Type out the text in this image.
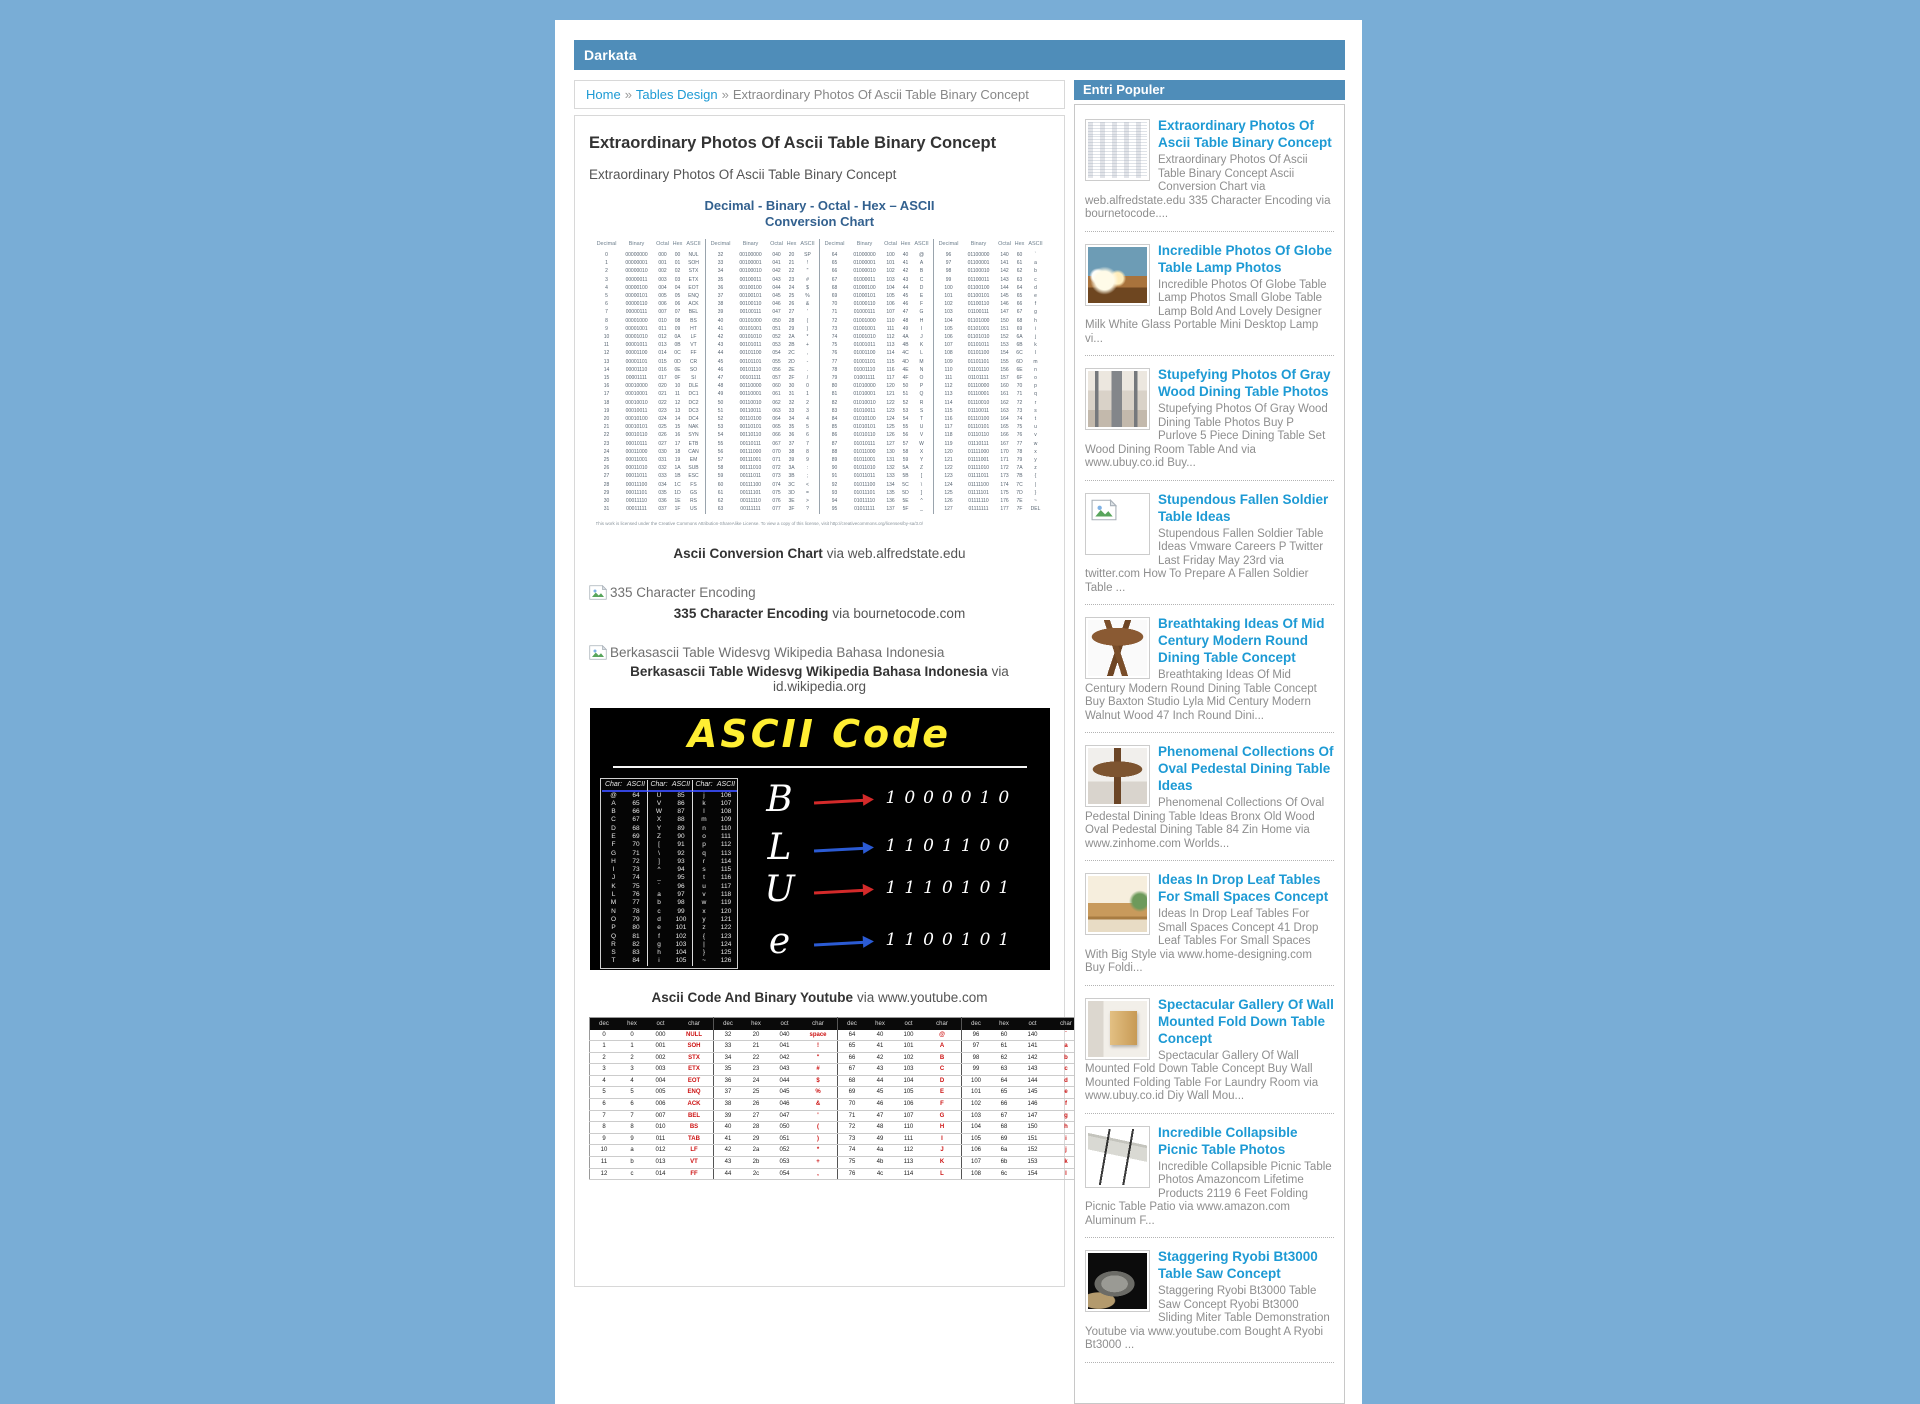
Darkata
Home » Tables Design » Extraordinary Photos Of Ascii Table Binary Concept
Extraordinary Photos Of Ascii Table Binary Concept

Extraordinary Photos Of Ascii Table Binary Concept

Decimal - Binary - Octal - Hex – ASCII
Conversion Chart
Decimal	Binary	Octal Hex ASCII
0	00000000	000	00	NUL
1	00000001	001	01	SOH
2	00000010	002	02	STX
3	00000011	003	03	ETX
4	00000100	004	04	EOT
5	00000101	005	05	ENQ
6	00000110	006	06	ACK
7	00000111	007	07	BEL
8	00001000	010	08	BS
9	00001001	011	09	HT
10	00001010	012	0A	LF
11	00001011	013	0B	VT
12	00001100	014	0C	FF
13	00001101	015	0D	CR
14	00001110	016	0E	SO
15	00001111	017	0F	SI
16	00010000	020	10	DLE
17	00010001	021	11	DC1
18	00010010	022	12	DC2
19	00010011	023	13	DC3
20	00010100	024	14	DC4
21	00010101	025	15	NAK
22	00010110	026	16	SYN
23	00010111	027	17	ETB
24	00011000	030	18	CAN
25	00011001	031	19	EM
26	00011010	032	1A	SUB
27	00011011	033	1B	ESC
28	00011100	034	1C	FS
29	00011101	035	1D	GS
30	00011110	036	1E	RS
31	00011111	037	1F	US
Decimal	Binary	Octal Hex ASCII
32	00100000	040	20	SP
33	00100001	041	21	!
34	00100010	042	22	"
35	00100011	043	23	#
36	00100100	044	24	$
37	00100101	045	25	%
38	00100110	046	26	&
39	00100111	047	27	'
40	00101000	050	28	(
41	00101001	051	29	)
42	00101010	052	2A	*
43	00101011	053	2B	+
44	00101100	054	2C	,
45	00101101	055	2D	-
46	00101110	056	2E	.
47	00101111	057	2F	/
48	00110000	060	30	0
49	00110001	061	31	1
50	00110010	062	32	2
51	00110011	063	33	3
52	00110100	064	34	4
53	00110101	065	35	5
54	00110110	066	36	6
55	00110111	067	37	7
56	00111000	070	38	8
57	00111001	071	39	9
58	00111010	072	3A	:
59	00111011	073	3B	;
60	00111100	074	3C	<
61	00111101	075	3D	=
62	00111110	076	3E	>
63	00111111	077	3F	?
Decimal	Binary	Octal Hex ASCII
64	01000000	100	40	@
65	01000001	101	41	A
66	01000010	102	42	B
67	01000011	103	43	C
68	01000100	104	44	D
69	01000101	105	45	E
70	01000110	106	46	F
71	01000111	107	47	G
72	01001000	110	48	H
73	01001001	111	49	I
74	01001010	112	4A	J
75	01001011	113	4B	K
76	01001100	114	4C	L
77	01001101	115	4D	M
78	01001110	116	4E	N
79	01001111	117	4F	O
80	01010000	120	50	P
81	01010001	121	51	Q
82	01010010	122	52	R
83	01010011	123	53	S
84	01010100	124	54	T
85	01010101	125	55	U
86	01010110	126	56	V
87	01010111	127	57	W
88	01011000	130	58	X
89	01011001	131	59	Y
90	01011010	132	5A	Z
91	01011011	133	5B	[
92	01011100	134	5C	\
93	01011101	135	5D	]
94	01011110	136	5E	^
95	01011111	137	5F	_
Decimal	Binary	Octal Hex ASCII
96	01100000	140	60	`
97	01100001	141	61	a
98	01100010	142	62	b
99	01100011	143	63	c
100	01100100	144	64	d
101	01100101	145	65	e
102	01100110	146	66	f
103	01100111	147	67	g
104	01101000	150	68	h
105	01101001	151	69	i
106	01101010	152	6A	j
107	01101011	153	6B	k
108	01101100	154	6C	l
109	01101101	155	6D	m
110	01101110	156	6E	n
111	01101111	157	6F	o
112	01110000	160	70	p
113	01110001	161	71	q
114	01110010	162	72	r
115	01110011	163	73	s
116	01110100	164	74	t
117	01110101	165	75	u
118	01110110	166	76	v
119	01110111	167	77	w
120	01111000	170	78	x
121	01111001	171	79	y
122	01111010	172	7A	z
123	01111011	173	7B	{
124	01111100	174	7C	|
125	01111101	175	7D	}
126	01111110	176	7E	~
127	01111111	177	7F	DEL
This work is licensed under the Creative Commons Attribution-ShareAlike License. To view a copy of this license, visit http://creativecommons.org/licenses/by-sa/3.0/
Ascii Conversion Chart via web.alfredstate.edu
335 Character Encoding
335 Character Encoding via bournetocode.com
Berkasascii Table Widesvg Wikipedia Bahasa Indonesia
Berkasascii Table Widesvg Wikipedia Bahasa Indonesia via id.wikipedia.org
ASCII Code
Char: ASCII Char: ASCII Char: ASCII
@	64	U	85	j	106
A	65	V	86	k	107
B	66	W	87	l	108
C	67	X	88	m	109
D	68	Y	89	n	110
E	69	Z	90	o	111
F	70	[	91	p	112
G	71	\	92	q	113
H	72	]	93	r	114
I	73	^	94	s	115
J	74	_	95	t	116
K	75	`	96	u	117
L	76	a	97	v	118
M	77	b	98	w	119
N	78	c	99	x	120
O	79	d	100	y	121
P	80	e	101	z	122
Q	81	f	102	{	123
R	82	g	103	|	124
S	83	h	104	}	125
T	84	i	105	~	126
B	1000010
L	1101100
U	1110101
e	1100101
Ascii Code And Binary Youtube via www.youtube.com
dec	hex	oct	char	dec	hex	oct	char	dec	hex	oct	char	dec	hex	oct	char
0	0	000	NULL	32	20	040	space	64	40	100	@	96	60	140	`
1	1	001	SOH	33	21	041	!	65	41	101	A	97	61	141	a
2	2	002	STX	34	22	042	"	66	42	102	B	98	62	142	b
3	3	003	ETX	35	23	043	#	67	43	103	C	99	63	143	c
4	4	004	EOT	36	24	044	$	68	44	104	D	100	64	144	d
5	5	005	ENQ	37	25	045	%	69	45	105	E	101	65	145	e
6	6	006	ACK	38	26	046	&	70	46	106	F	102	66	146	f
7	7	007	BEL	39	27	047	'	71	47	107	G	103	67	147	g
8	8	010	BS	40	28	050	(	72	48	110	H	104	68	150	h
9	9	011	TAB	41	29	051	)	73	49	111	I	105	69	151	i
10	a	012	LF	42	2a	052	*	74	4a	112	J	106	6a	152	j
11	b	013	VT	43	2b	053	+	75	4b	113	K	107	6b	153	k
12	c	014	FF	44	2c	054	,	76	4c	114	L	108	6c	154	l
Entri Populer
Extraordinary Photos Of Ascii Table Binary Concept

Extraordinary Photos Of Ascii Table Binary Concept Ascii Conversion Chart via web.alfredstate.edu 335 Character Encoding via bournetocode....

Incredible Photos Of Globe Table Lamp Photos

Incredible Photos Of Globe Table Lamp Photos Small Globe Table Lamp Bold And Lovely Designer Milk White Glass Portable Mini Desktop Lamp vi...

Stupefying Photos Of Gray Wood Dining Table Photos

Stupefying Photos Of Gray Wood Dining Table Photos Buy P Purlove 5 Piece Dining Table Set Wood Dining Room Table And via www.ubuy.co.id Buy...

Stupendous Fallen Soldier Table Ideas

Stupendous Fallen Soldier Table Ideas Vmware Careers P Twitter Last Friday May 23rd via twitter.com How To Prepare A Fallen Soldier Table ...

Breathtaking Ideas Of Mid Century Modern Round Dining Table Concept

Breathtaking Ideas Of Mid Century Modern Round Dining Table Concept Buy Baxton Studio Lyla Mid Century Modern Walnut Wood 47 Inch Round Dini...

Phenomenal Collections Of Oval Pedestal Dining Table Ideas

Phenomenal Collections Of Oval Pedestal Dining Table Ideas Bronx Old Wood Oval Pedestal Dining Table 84 Zin Home via www.zinhome.com Worlds...

Ideas In Drop Leaf Tables For Small Spaces Concept

Ideas In Drop Leaf Tables For Small Spaces Concept 41 Drop Leaf Tables For Small Spaces With Big Style via www.home-designing.com Buy Foldi...

Spectacular Gallery Of Wall Mounted Fold Down Table Concept

Spectacular Gallery Of Wall Mounted Fold Down Table Concept Buy Wall Mounted Folding Table For Laundry Room via www.ubuy.co.id Diy Wall Mou...

Incredible Collapsible Picnic Table Photos

Incredible Collapsible Picnic Table Photos Amazoncom Lifetime Products 2119 6 Feet Folding Picnic Table Patio via www.amazon.com Aluminum F...

Staggering Ryobi Bt3000 Table Saw Concept

Staggering Ryobi Bt3000 Table Saw Concept Ryobi Bt3000 Sliding Miter Table Demonstration Youtube via www.youtube.com Bought A Ryobi Bt3000 ...
